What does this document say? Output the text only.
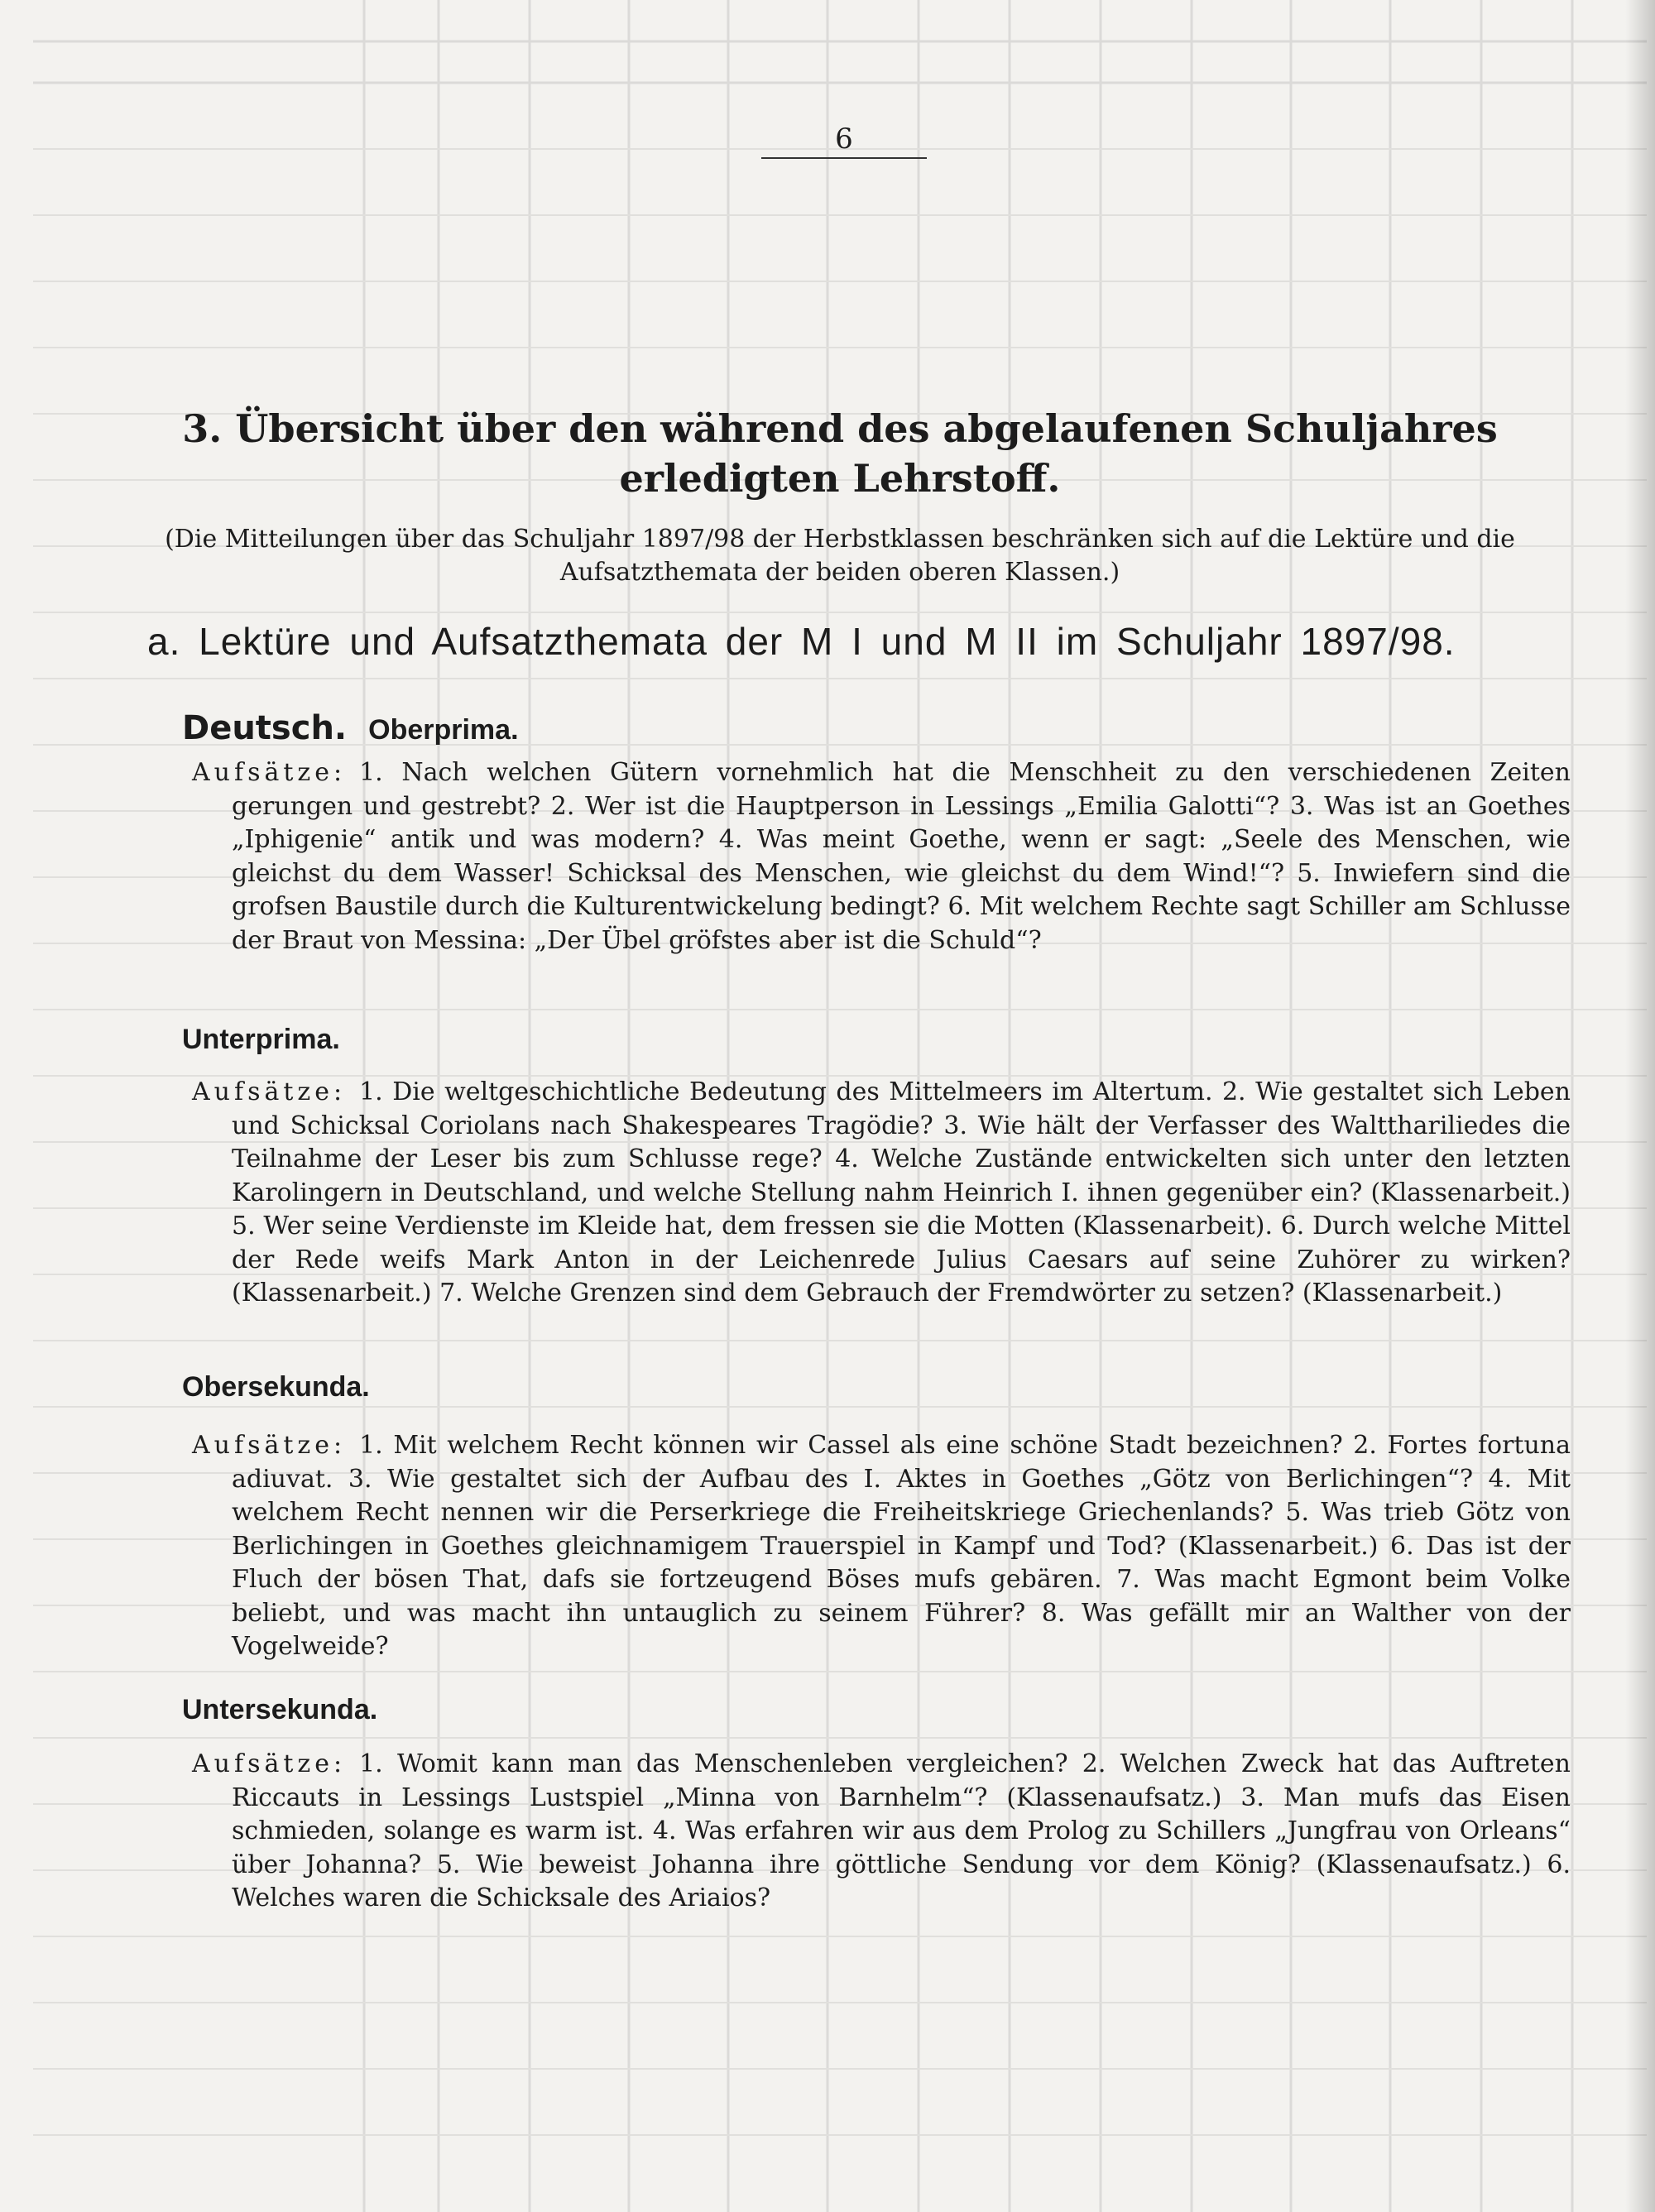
6
3. Übersicht über den während des abgelaufenen Schuljahres erledigten Lehrstoff.
(Die Mitteilungen über das Schuljahr 1897/98 der Herbstklassen beschränken sich auf die Lektüre und die Aufsatzthemata der beiden oberen Klassen.)
a. Lektüre und Aufsatzthemata der M I und M II im Schuljahr 1897/98.
Deutsch. Oberprima.
Aufsätze: 1. Nach welchen Gütern vornehmlich hat die Menschheit zu den verschiedenen Zeiten gerungen und gestrebt? 2. Wer ist die Hauptperson in Lessings „Emilia Galotti“? 3. Was ist an Goethes „Iphigenie“ antik und was modern? 4. Was meint Goethe, wenn er sagt: „Seele des Menschen, wie gleichst du dem Wasser! Schicksal des Menschen, wie gleichst du dem Wind!“? 5. Inwiefern sind die grofsen Baustile durch die Kulturentwickelung bedingt? 6. Mit welchem Rechte sagt Schiller am Schlusse der Braut von Messina: „Der Übel gröfstes aber ist die Schuld“?
Unterprima.
Aufsätze: 1. Die weltgeschichtliche Bedeutung des Mittelmeers im Altertum. 2. Wie gestaltet sich Leben und Schicksal Coriolans nach Shakespeares Tragödie? 3. Wie hält der Verfasser des Waltthariliedes die Teilnahme der Leser bis zum Schlusse rege? 4. Welche Zustände entwickelten sich unter den letzten Karolingern in Deutschland, und welche Stellung nahm Heinrich I. ihnen gegenüber ein? (Klassenarbeit.) 5. Wer seine Verdienste im Kleide hat, dem fressen sie die Motten (Klassenarbeit). 6. Durch welche Mittel der Rede weifs Mark Anton in der Leichenrede Julius Caesars auf seine Zuhörer zu wirken? (Klassenarbeit.) 7. Welche Grenzen sind dem Gebrauch der Fremdwörter zu setzen? (Klassenarbeit.)
Obersekunda.
Aufsätze: 1. Mit welchem Recht können wir Cassel als eine schöne Stadt bezeichnen? 2. Fortes fortuna adiuvat. 3. Wie gestaltet sich der Aufbau des I. Aktes in Goethes „Götz von Berlichingen“? 4. Mit welchem Recht nennen wir die Perserkriege die Freiheitskriege Griechenlands? 5. Was trieb Götz von Berlichingen in Goethes gleichnamigem Trauerspiel in Kampf und Tod? (Klassenarbeit.) 6. Das ist der Fluch der bösen That, dafs sie fortzeugend Böses mufs gebären. 7. Was macht Egmont beim Volke beliebt, und was macht ihn untauglich zu seinem Führer? 8. Was gefällt mir an Walther von der Vogelweide?
Untersekunda.
Aufsätze: 1. Womit kann man das Menschenleben vergleichen? 2. Welchen Zweck hat das Auftreten Riccauts in Lessings Lustspiel „Minna von Barnhelm“? (Klassenaufsatz.) 3. Man mufs das Eisen schmieden, solange es warm ist. 4. Was erfahren wir aus dem Prolog zu Schillers „Jungfrau von Orleans“ über Johanna? 5. Wie beweist Johanna ihre göttliche Sendung vor dem König? (Klassenaufsatz.) 6. Welches waren die Schicksale des Ariaios?
